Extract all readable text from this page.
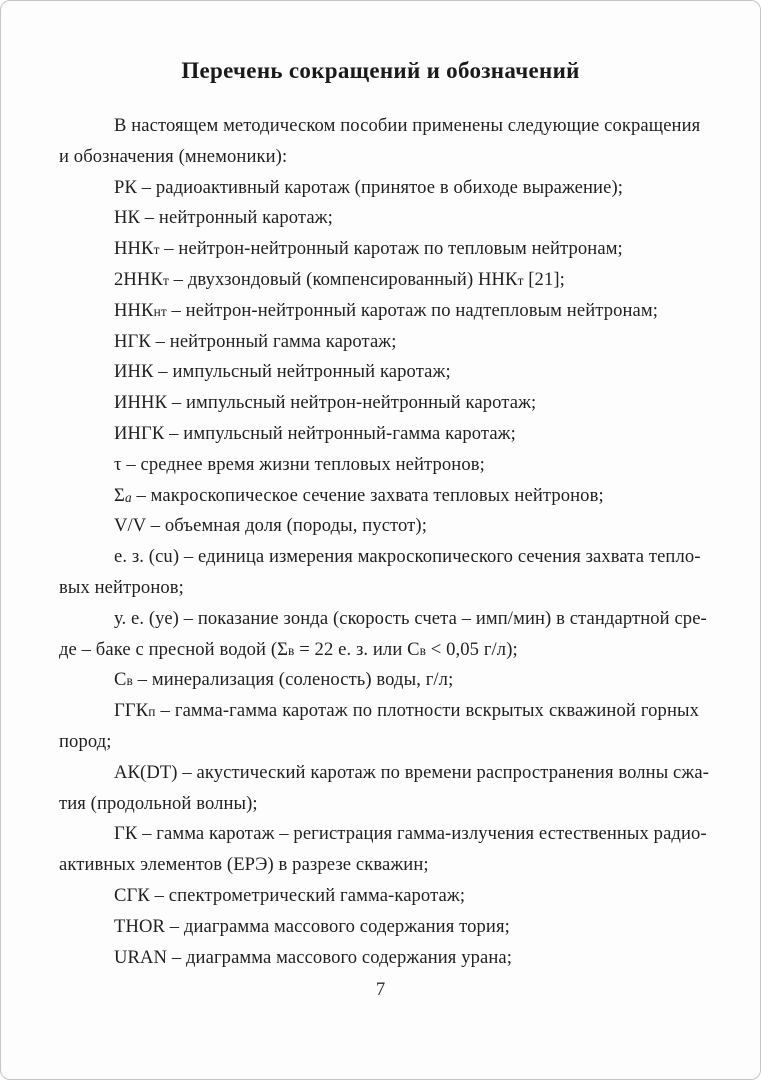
Перечень сокращений и обозначений
В настоящем методическом пособии применены следующие сокращения
и обозначения (мнемоники):
РК – радиоактивный каротаж (принятое в обиходе выражение);
НК – нейтронный каротаж;
ННКт – нейтрон-нейтронный каротаж по тепловым нейтронам;
2ННКт – двухзондовый (компенсированный) ННКт [21];
ННКнт – нейтрон-нейтронный каротаж по надтепловым нейтронам;
НГК – нейтронный гамма каротаж;
ИНК – импульсный нейтронный каротаж;
ИННК – импульсный нейтрон-нейтронный каротаж;
ИНГК – импульсный нейтронный-гамма каротаж;
τ – среднее время жизни тепловых нейтронов;
Σa – макроскопическое сечение захвата тепловых нейтронов;
V/V – объемная доля (породы, пустот);
е. з. (cu) – единица измерения макроскопического сечения захвата тепло-
вых нейтронов;
у. е. (уе) – показание зонда (скорость счета – имп/мин) в стандартной сре-
де – баке с пресной водой (Σв = 22 е. з. или Св < 0,05 г/л);
Св – минерализация (соленость) воды, г/л;
ГГКп – гамма-гамма каротаж по плотности вскрытых скважиной горных
пород;
АК(DT) – акустический каротаж по времени распространения волны сжа-
тия (продольной волны);
ГК – гамма каротаж – регистрация гамма-излучения естественных радио-
активных элементов (ЕРЭ) в разрезе скважин;
СГК – спектрометрический гамма-каротаж;
THOR – диаграмма массового содержания тория;
URAN – диаграмма массового содержания урана;
7
